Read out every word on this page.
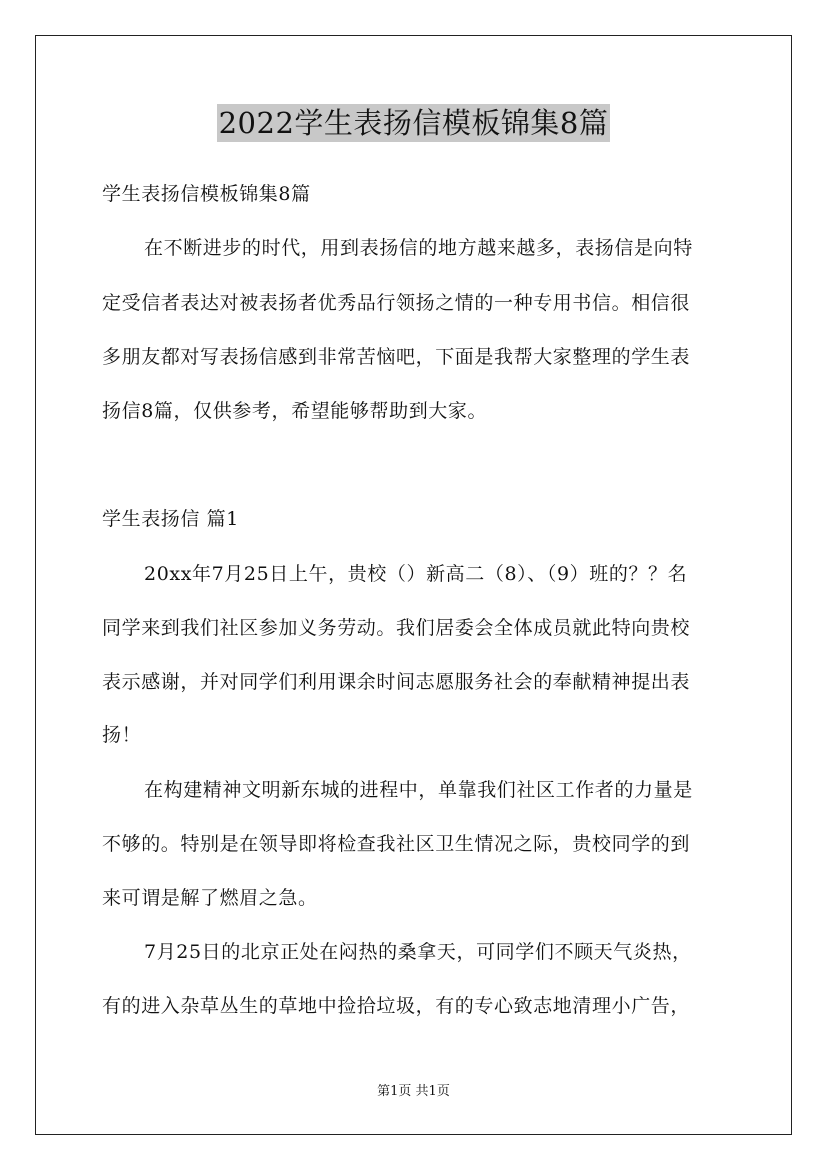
2022学生表扬信模板锦集8篇
学生表扬信模板锦集8篇
在不断进步的时代，用到表扬信的地方越来越多，表扬信是向特
定受信者表达对被表扬者优秀品行领扬之情的一种专用书信。相信很
多朋友都对写表扬信感到非常苦恼吧，下面是我帮大家整理的学生表
扬信8篇，仅供参考，希望能够帮助到大家。
学生表扬信 篇1
20xx年7月25日上午，贵校（）新高二（8）、（9）班的？？名
同学来到我们社区参加义务劳动。我们居委会全体成员就此特向贵校
表示感谢，并对同学们利用课余时间志愿服务社会的奉献精神提出表
扬！
在构建精神文明新东城的进程中，单靠我们社区工作者的力量是
不够的。特别是在领导即将检查我社区卫生情况之际，贵校同学的到
来可谓是解了燃眉之急。
7月25日的北京正处在闷热的桑拿天，可同学们不顾天气炎热，
有的进入杂草丛生的草地中捡拾垃圾，有的专心致志地清理小广告，
第1页 共1页
